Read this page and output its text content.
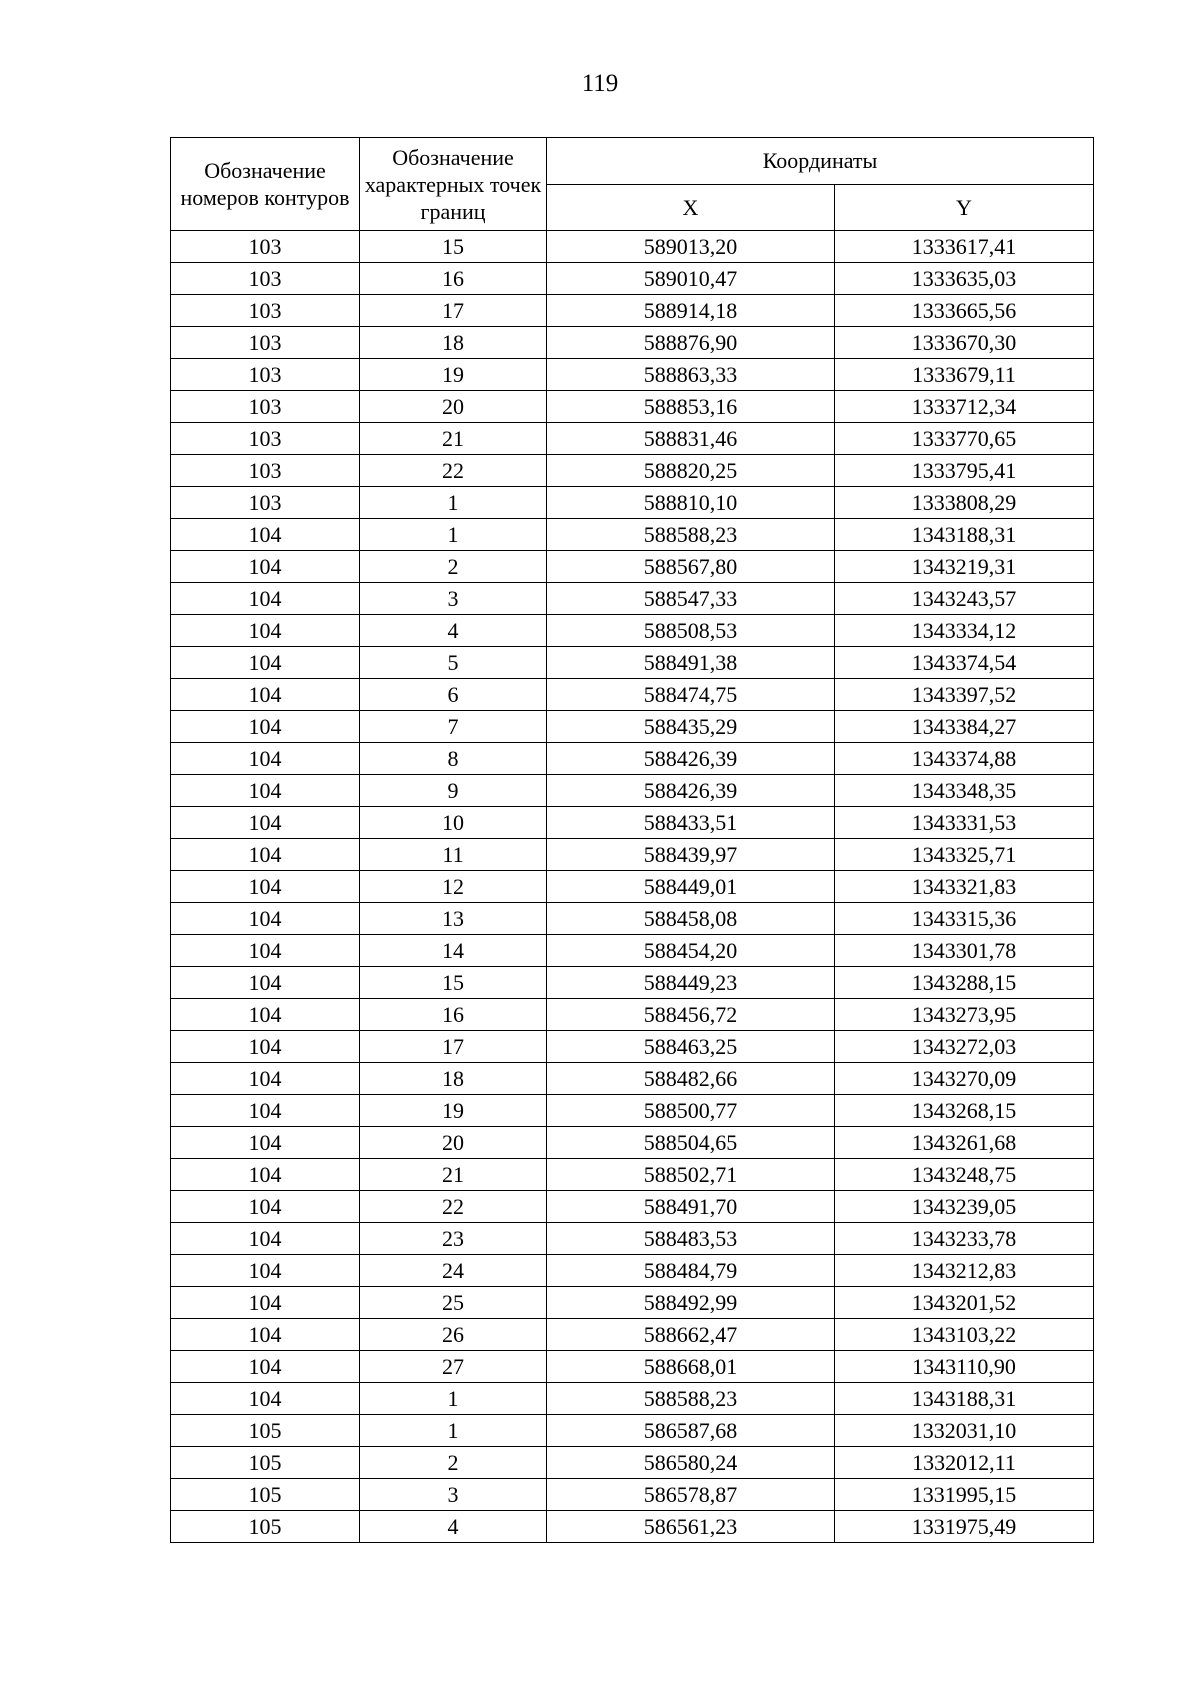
119
Обозначение номеров контуров	Обозначение характерных точек границ	Координаты	
		X	Y
103	15	589013,20	1333617,41
103	16	589010,47	1333635,03
103	17	588914,18	1333665,56
103	18	588876,90	1333670,30
103	19	588863,33	1333679,11
103	20	588853,16	1333712,34
103	21	588831,46	1333770,65
103	22	588820,25	1333795,41
103	1	588810,10	1333808,29
104	1	588588,23	1343188,31
104	2	588567,80	1343219,31
104	3	588547,33	1343243,57
104	4	588508,53	1343334,12
104	5	588491,38	1343374,54
104	6	588474,75	1343397,52
104	7	588435,29	1343384,27
104	8	588426,39	1343374,88
104	9	588426,39	1343348,35
104	10	588433,51	1343331,53
104	11	588439,97	1343325,71
104	12	588449,01	1343321,83
104	13	588458,08	1343315,36
104	14	588454,20	1343301,78
104	15	588449,23	1343288,15
104	16	588456,72	1343273,95
104	17	588463,25	1343272,03
104	18	588482,66	1343270,09
104	19	588500,77	1343268,15
104	20	588504,65	1343261,68
104	21	588502,71	1343248,75
104	22	588491,70	1343239,05
104	23	588483,53	1343233,78
104	24	588484,79	1343212,83
104	25	588492,99	1343201,52
104	26	588662,47	1343103,22
104	27	588668,01	1343110,90
104	1	588588,23	1343188,31
105	1	586587,68	1332031,10
105	2	586580,24	1332012,11
105	3	586578,87	1331995,15
105	4	586561,23	1331975,49
